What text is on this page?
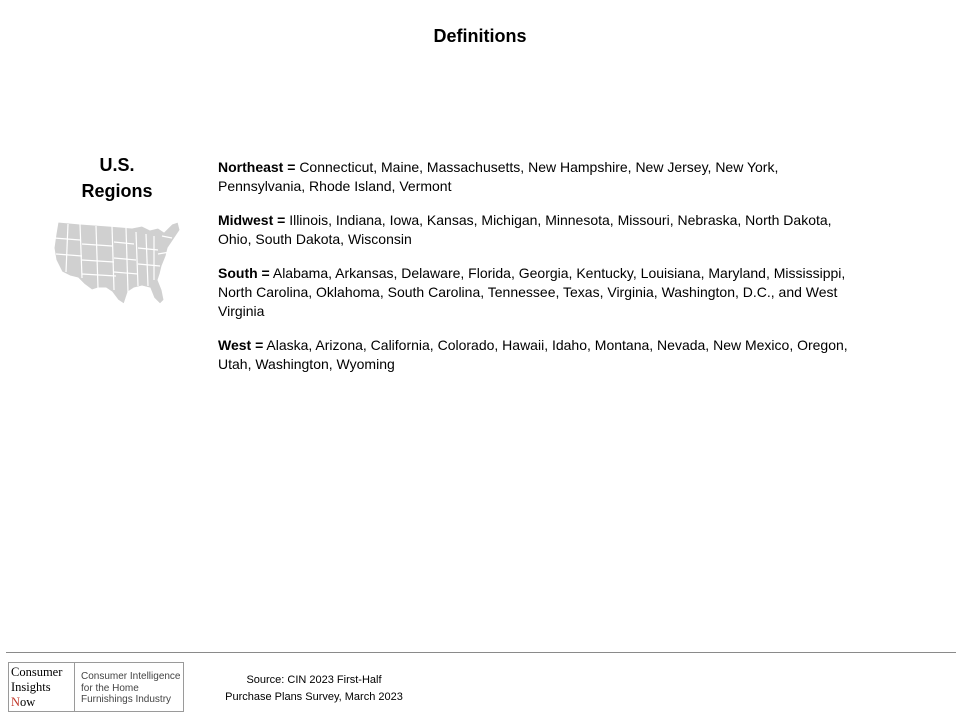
Definitions
U.S.
Regions

Northeast = Connecticut, Maine, Massachusetts, New Hampshire, New Jersey, New York, Pennsylvania, Rhode Island, Vermont

Midwest = Illinois, Indiana, Iowa, Kansas, Michigan, Minnesota, Missouri, Nebraska, North Dakota, Ohio, South Dakota, Wisconsin

South = Alabama, Arkansas, Delaware, Florida, Georgia, Kentucky, Louisiana, Maryland, Mississippi, North Carolina, Oklahoma, South Carolina, Tennessee, Texas, Virginia, Washington, D.C., and West Virginia

West = Alaska, Arizona, California, Colorado, Hawaii, Idaho, Montana, Nevada, New Mexico, Oregon, Utah, Washington, Wyoming

Consumer
Insights
Now
Consumer Intelligence
for the Home
Furnishings Industry
Source: CIN 2023 First-Half
Purchase Plans Survey, March 2023
